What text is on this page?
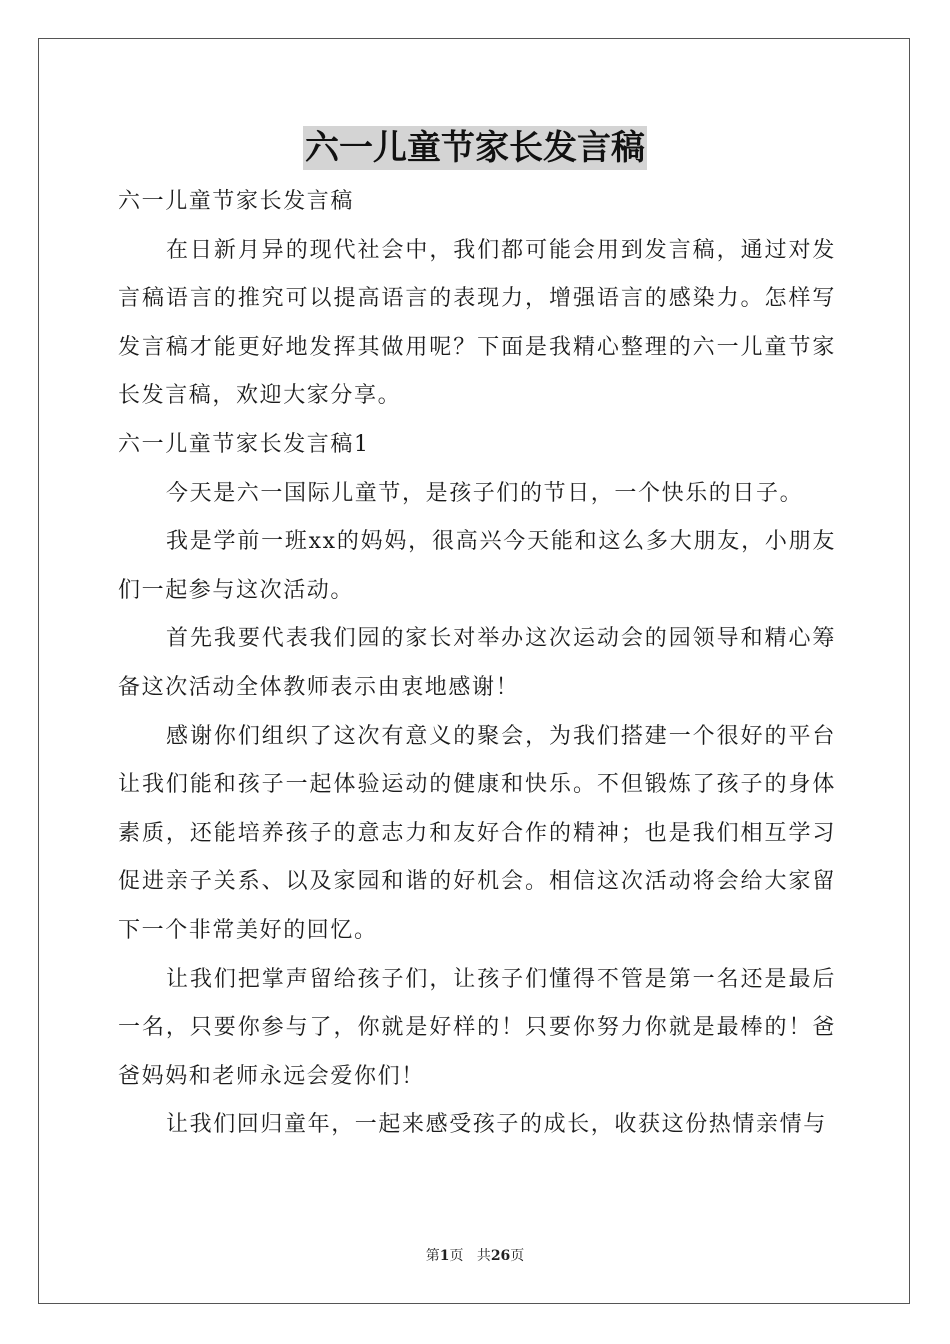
六一儿童节家长发言稿

六一儿童节家长发言稿

在日新月异的现代社会中，我们都可能会用到发言稿，通过对发言稿语言的推究可以提高语言的表现力，增强语言的感染力。怎样写发言稿才能更好地发挥其做用呢？下面是我精心整理的六一儿童节家长发言稿，欢迎大家分享。

六一儿童节家长发言稿1

今天是六一国际儿童节，是孩子们的节日，一个快乐的日子。

我是学前一班xx的妈妈，很高兴今天能和这么多大朋友，小朋友们一起参与这次活动。

首先我要代表我们园的家长对举办这次运动会的园领导和精心筹备这次活动全体教师表示由衷地感谢！

感谢你们组织了这次有意义的聚会，为我们搭建一个很好的平台让我们能和孩子一起体验运动的健康和快乐。不但锻炼了孩子的身体素质，还能培养孩子的意志力和友好合作的精神；也是我们相互学习促进亲子关系、以及家园和谐的好机会。相信这次活动将会给大家留下一个非常美好的回忆。

让我们把掌声留给孩子们，让孩子们懂得不管是第一名还是最后一名，只要你参与了，你就是好样的！只要你努力你就是最棒的！爸爸妈妈和老师永远会爱你们！

让我们回归童年，一起来感受孩子的成长，收获这份热情亲情与

第1页 共26页
